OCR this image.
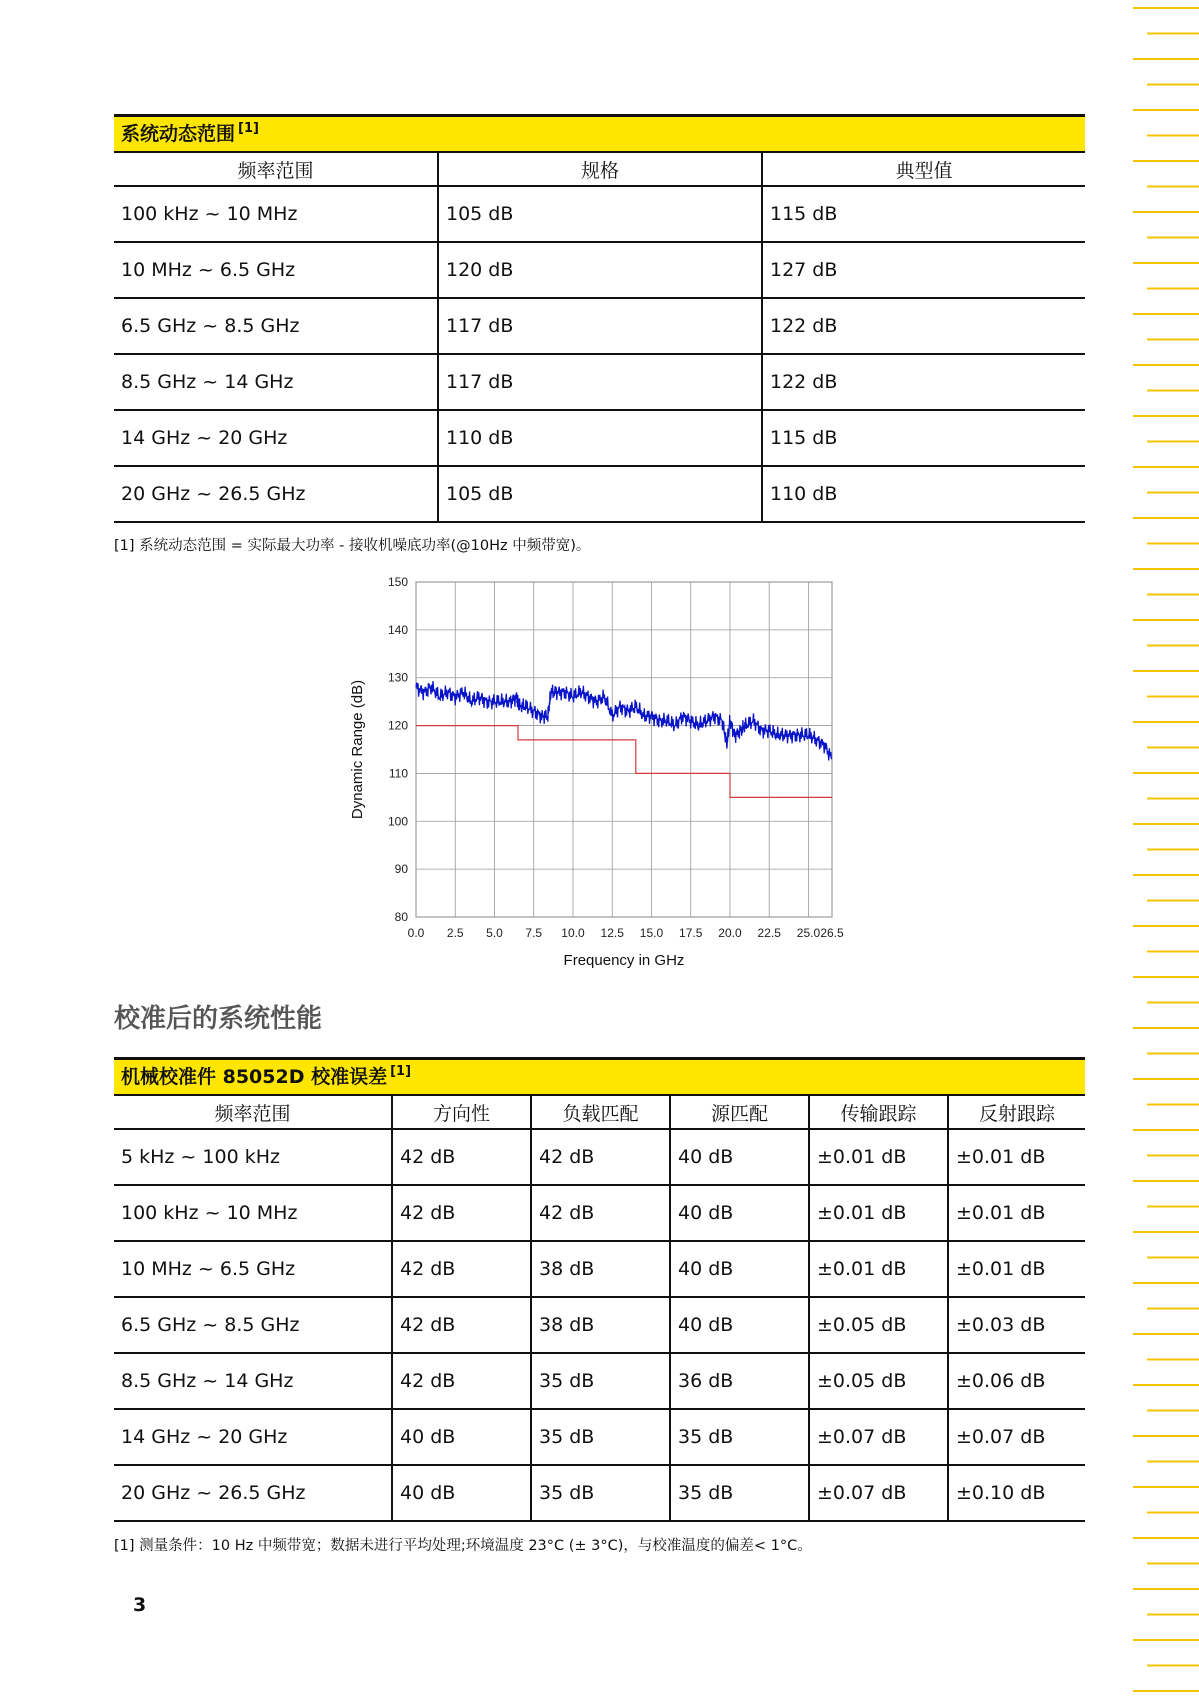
系统动态范围 [1]
频率范围	规格	典型值
100 kHz ~ 10 MHz	105 dB	115 dB
10 MHz ~ 6.5 GHz	120 dB	127 dB
6.5 GHz ~ 8.5 GHz	117 dB	122 dB
8.5 GHz ~ 14 GHz	117 dB	122 dB
14 GHz ~ 20 GHz	110 dB	115 dB
20 GHz ~ 26.5 GHz	105 dB	110 dB
[1] 系统动态范围 = 实际最大功率 - 接收机噪底功率(@10Hz 中频带宽)。
0.0 2.5 5.0 7.5 10.0 12.5 15.0 17.5 20.0 22.5 25.0 26.5
80
90
100
110
120
130
140
150
Frequency in GHz
Dynamic Range (dB)
校准后的系统性能
机械校准件 85052D 校准误差 [1]
频率范围	方向性	负载匹配	源匹配	传输跟踪	反射跟踪
5 kHz ~ 100 kHz	42 dB	42 dB	40 dB	±0.01 dB	±0.01 dB
100 kHz ~ 10 MHz	42 dB	42 dB	40 dB	±0.01 dB	±0.01 dB
10 MHz ~ 6.5 GHz	42 dB	38 dB	40 dB	±0.01 dB	±0.01 dB
6.5 GHz ~ 8.5 GHz	42 dB	38 dB	40 dB	±0.05 dB	±0.03 dB
8.5 GHz ~ 14 GHz	42 dB	35 dB	36 dB	±0.05 dB	±0.06 dB
14 GHz ~ 20 GHz	40 dB	35 dB	35 dB	±0.07 dB	±0.07 dB
20 GHz ~ 26.5 GHz	40 dB	35 dB	35 dB	±0.07 dB	±0.10 dB
[1] 测量条件：10 Hz 中频带宽；数据未进行平均处理;环境温度 23°C (± 3°C)，与校准温度的偏差< 1°C。
3
